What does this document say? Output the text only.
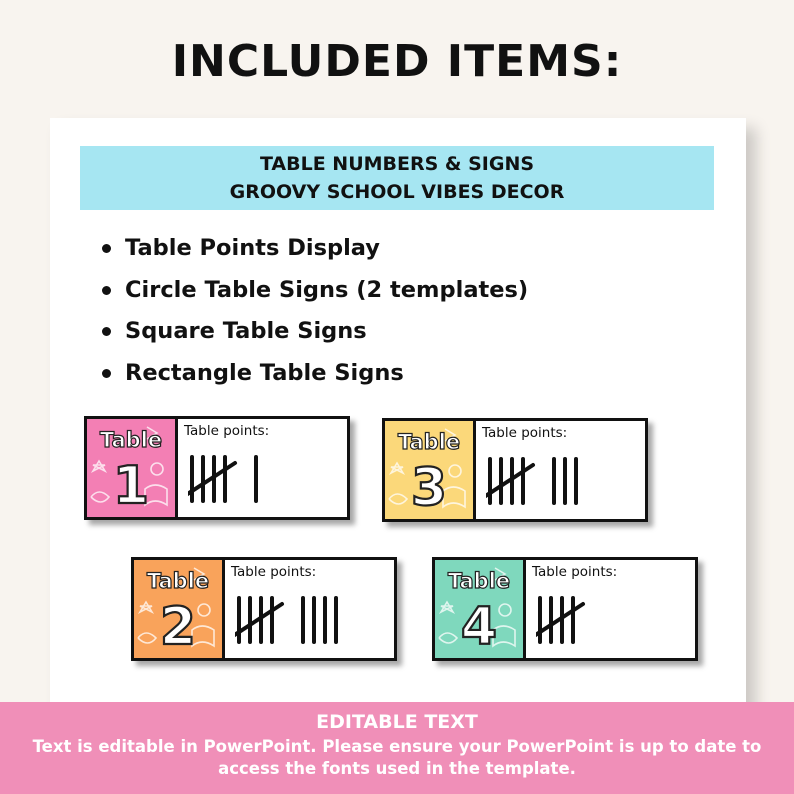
INCLUDED ITEMS:
TABLE NUMBERS & SIGNS
GROOVY SCHOOL VIBES DECOR
Table Points Display
Circle Table Signs (2 templates)
Square Table Signs
Rectangle Table Signs
Table
1
Table points:	Table
3
Table points:
Table
2
Table points:	Table
4
Table points:
EDITABLE TEXT
Text is editable in PowerPoint. Please ensure your PowerPoint is up to date to access the fonts used in the template.
